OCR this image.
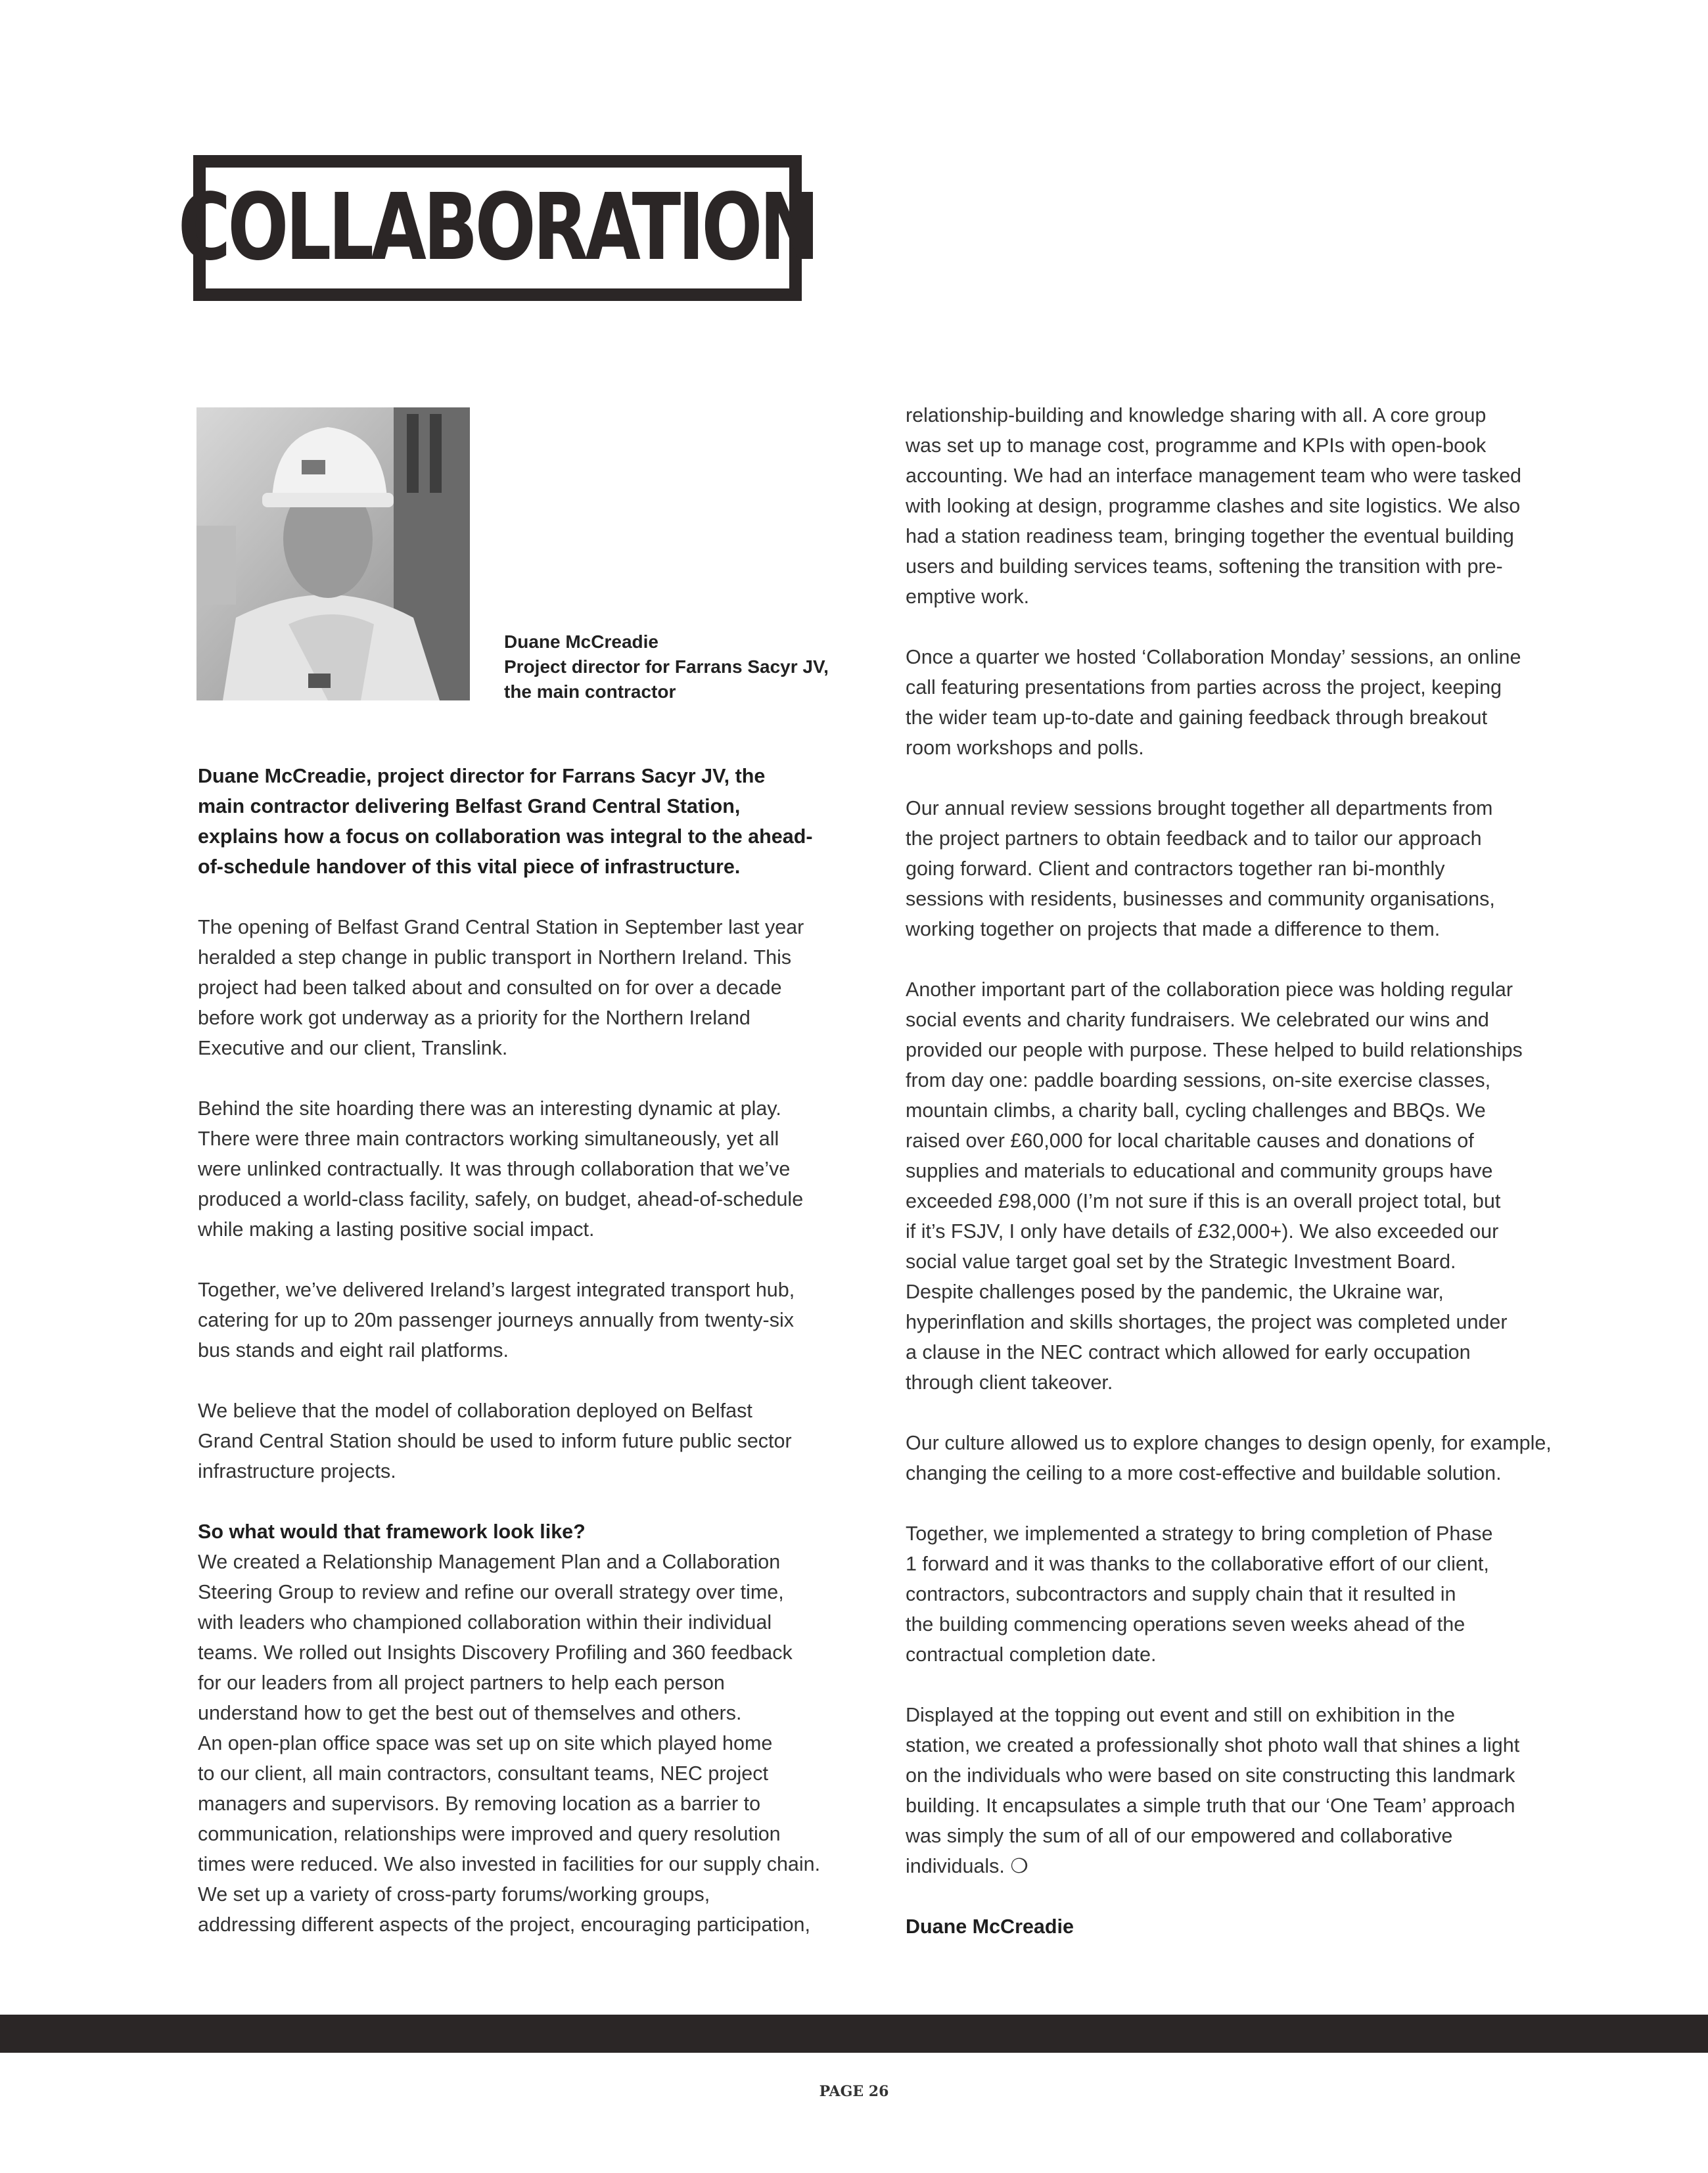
COLLABORATION
Duane McCreadie
Project director for Farrans Sacyr JV,
the main contractor
Duane McCreadie, project director for Farrans Sacyr JV, the
main contractor delivering Belfast Grand Central Station,
explains how a focus on collaboration was integral to the ahead-
of-schedule handover of this vital piece of infrastructure.
The opening of Belfast Grand Central Station in September last year
heralded a step change in public transport in Northern Ireland. This
project had been talked about and consulted on for over a decade
before work got underway as a priority for the Northern Ireland
Executive and our client, Translink.
Behind the site hoarding there was an interesting dynamic at play.
There were three main contractors working simultaneously, yet all
were unlinked contractually. It was through collaboration that we’ve
produced a world-class facility, safely, on budget, ahead-of-schedule
while making a lasting positive social impact.
Together, we’ve delivered Ireland’s largest integrated transport hub,
catering for up to 20m passenger journeys annually from twenty-six
bus stands and eight rail platforms.
We believe that the model of collaboration deployed on Belfast
Grand Central Station should be used to inform future public sector
infrastructure projects.
So what would that framework look like?
We created a Relationship Management Plan and a Collaboration
Steering Group to review and refine our overall strategy over time,
with leaders who championed collaboration within their individual
teams. We rolled out Insights Discovery Profiling and 360 feedback
for our leaders from all project partners to help each person
understand how to get the best out of themselves and others.
An open-plan office space was set up on site which played home
to our client, all main contractors, consultant teams, NEC project
managers and supervisors. By removing location as a barrier to
communication, relationships were improved and query resolution
times were reduced. We also invested in facilities for our supply chain.
We set up a variety of cross-party forums/working groups,
addressing different aspects of the project, encouraging participation,
relationship-building and knowledge sharing with all. A core group
was set up to manage cost, programme and KPIs with open-book
accounting. We had an interface management team who were tasked
with looking at design, programme clashes and site logistics. We also
had a station readiness team, bringing together the eventual building
users and building services teams, softening the transition with pre-
emptive work.
Once a quarter we hosted ‘Collaboration Monday’ sessions, an online
call featuring presentations from parties across the project, keeping
the wider team up-to-date and gaining feedback through breakout
room workshops and polls.
Our annual review sessions brought together all departments from
the project partners to obtain feedback and to tailor our approach
going forward. Client and contractors together ran bi-monthly
sessions with residents, businesses and community organisations,
working together on projects that made a difference to them.
Another important part of the collaboration piece was holding regular
social events and charity fundraisers. We celebrated our wins and
provided our people with purpose. These helped to build relationships
from day one: paddle boarding sessions, on-site exercise classes,
mountain climbs, a charity ball, cycling challenges and BBQs. We
raised over £60,000 for local charitable causes and donations of
supplies and materials to educational and community groups have
exceeded £98,000 (I’m not sure if this is an overall project total, but
if it’s FSJV, I only have details of £32,000+). We also exceeded our
social value target goal set by the Strategic Investment Board.
Despite challenges posed by the pandemic, the Ukraine war,
hyperinflation and skills shortages, the project was completed under
a clause in the NEC contract which allowed for early occupation
through client takeover.
Our culture allowed us to explore changes to design openly, for example,
changing the ceiling to a more cost-effective and buildable solution.
Together, we implemented a strategy to bring completion of Phase
1 forward and it was thanks to the collaborative effort of our client,
contractors, subcontractors and supply chain that it resulted in
the building commencing operations seven weeks ahead of the
contractual completion date.
Displayed at the topping out event and still on exhibition in the
station, we created a professionally shot photo wall that shines a light
on the individuals who were based on site constructing this landmark
building. It encapsulates a simple truth that our ‘One Team’ approach
was simply the sum of all of our empowered and collaborative
individuals. ❍
Duane McCreadie
PAGE 26
